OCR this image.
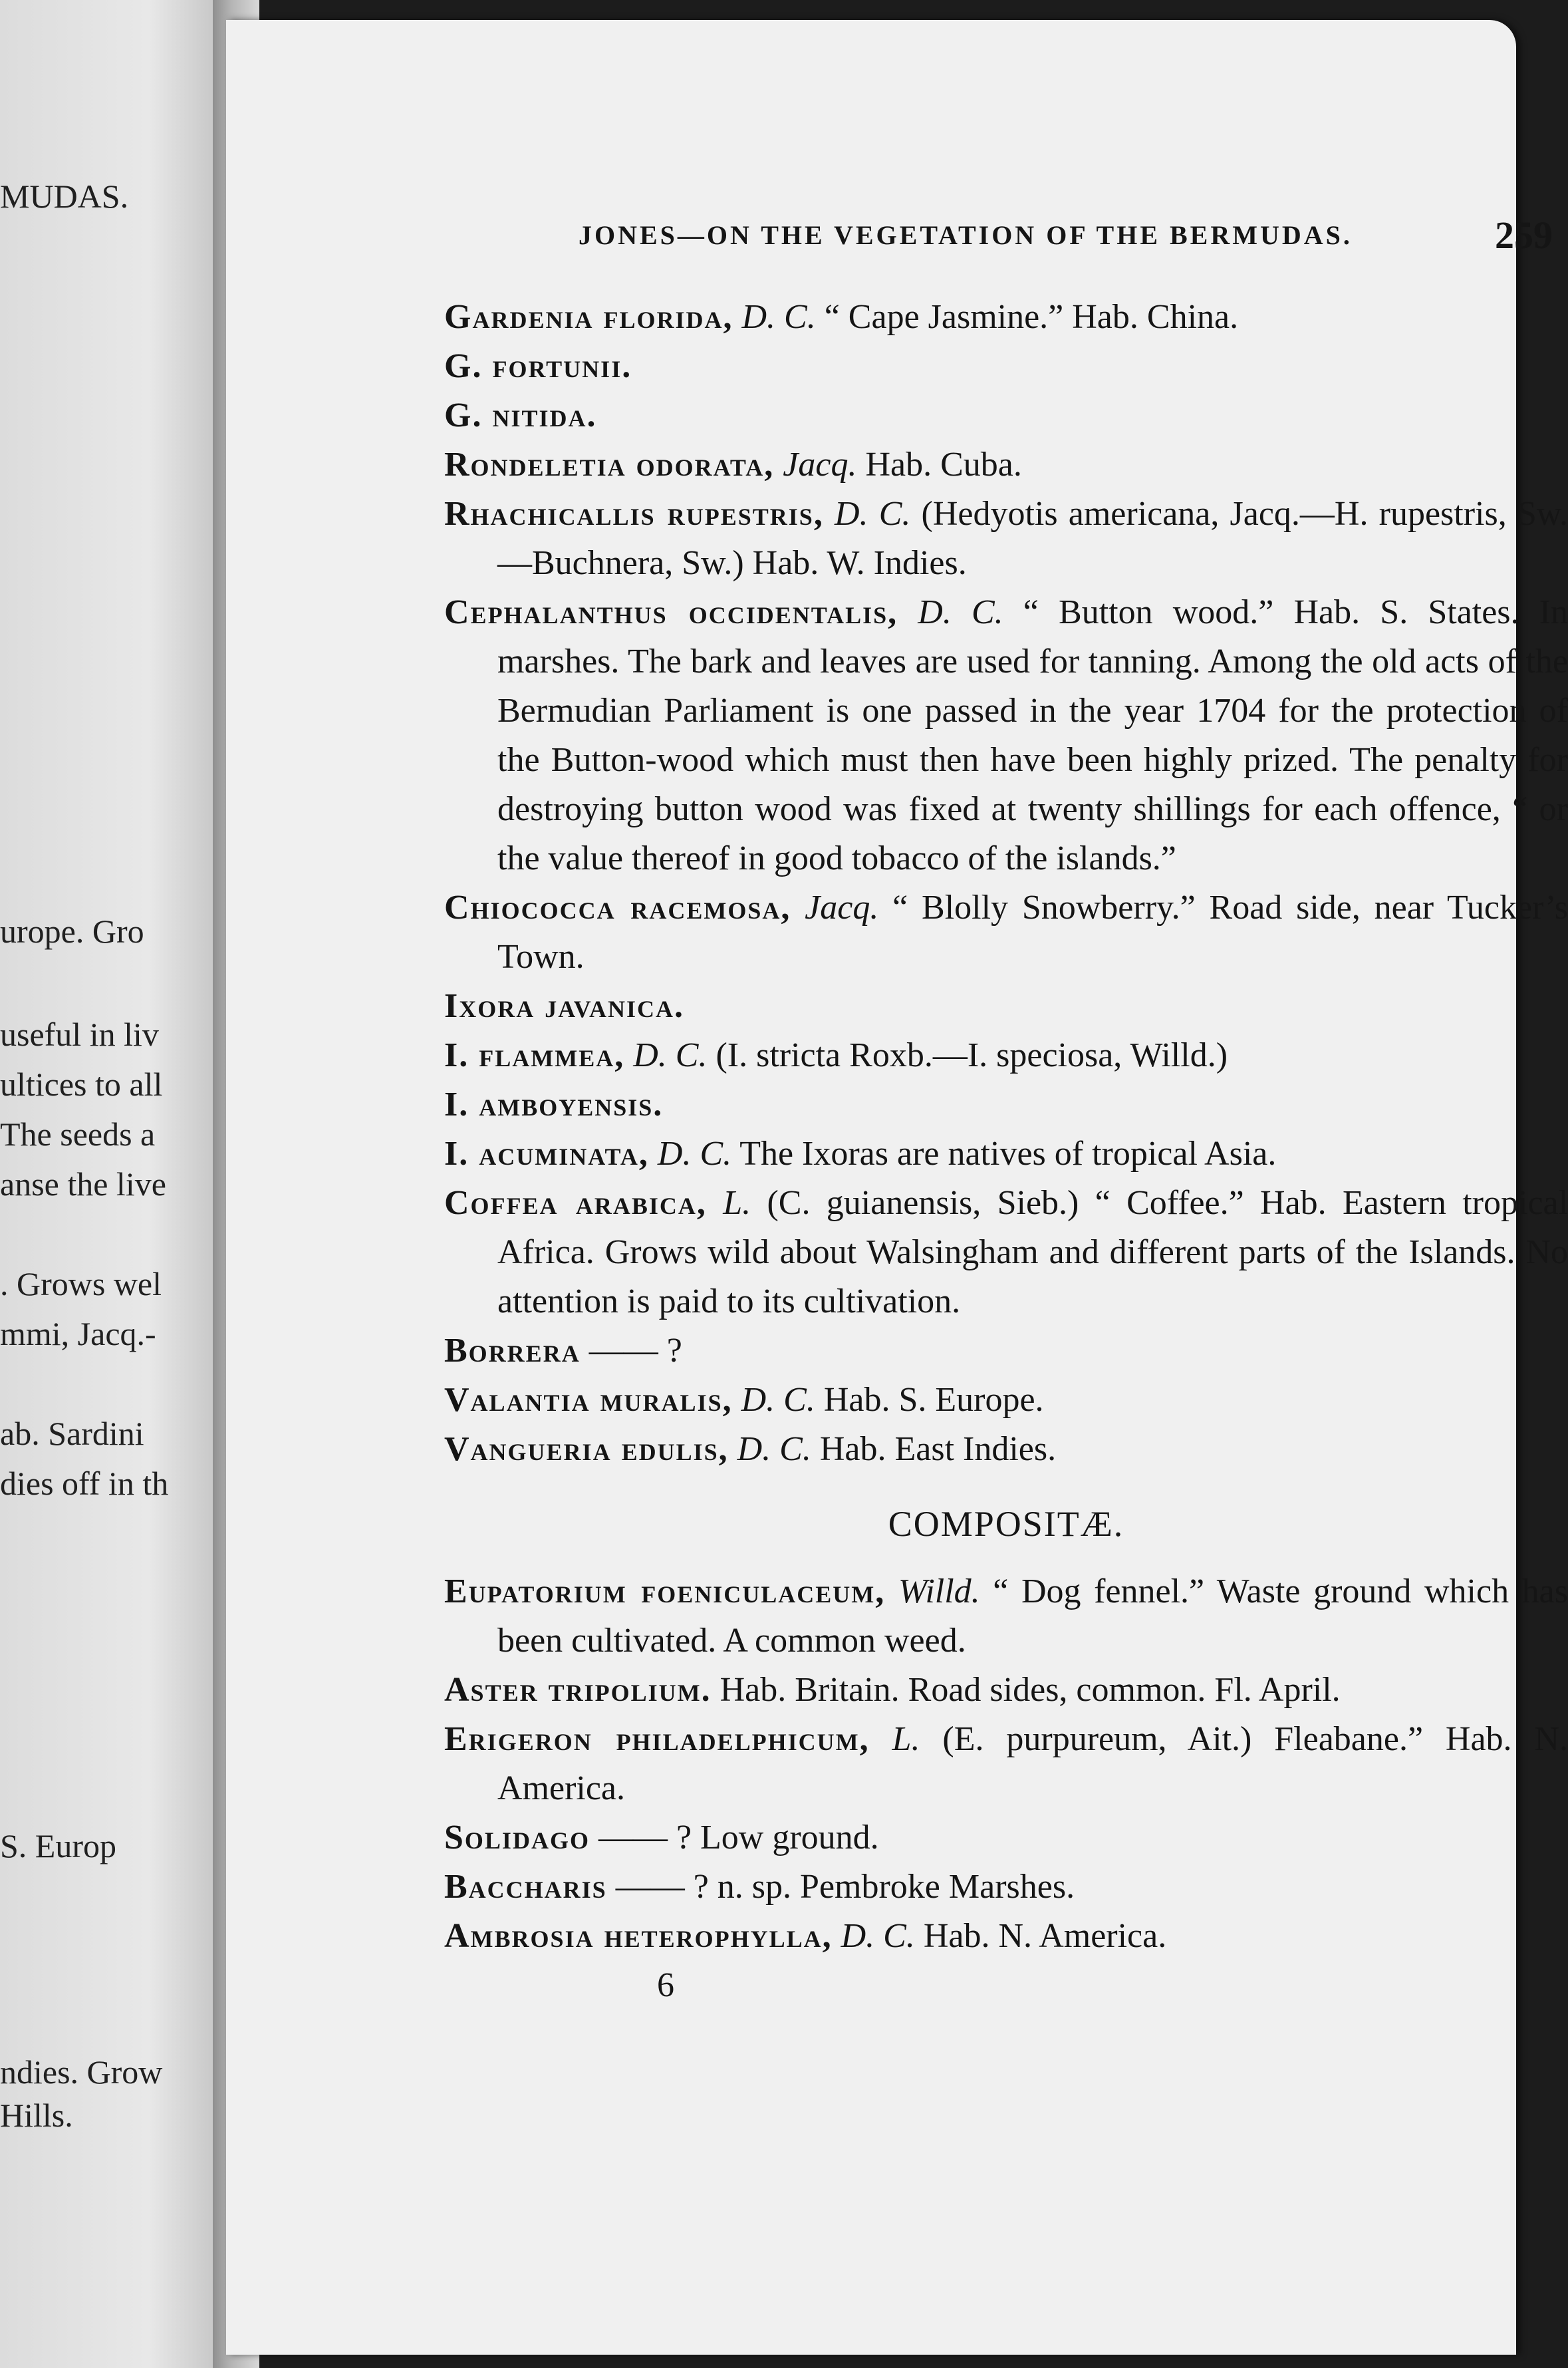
MUDAS.
urope. Gro
useful in liv
ultices to all
The seeds a
anse the live
. Grows wel
mmi, Jacq.-
ab. Sardini
dies off in th
S. Europ
ndies. Grow
Hills.
JONES—ON THE VEGETATION OF THE BERMUDAS.	259
Gardenia florida, D. C. “ Cape Jasmine.” Hab. China.
G. fortunii.
G. nitida.
Rondeletia odorata, Jacq. Hab. Cuba.
Rhachicallis rupestris, D. C. (Hedyotis americana, Jacq.—H. rupestris, Sw.—Buchnera, Sw.) Hab. W. Indies.
Cephalanthus occidentalis, D. C. “ Button wood.” Hab. S. States. In marshes. The bark and leaves are used for tanning. Among the old acts of the Bermudian Parliament is one passed in the year 1704 for the protection of the Button-wood which must then have been highly prized. The penalty for destroying button wood was fixed at twenty shillings for each offence, “ or the value thereof in good tobacco of the islands.”
Chiococca racemosa, Jacq. “ Blolly Snowberry.” Road side, near Tucker’s Town.
Ixora javanica.
I. flammea, D. C. (I. stricta Roxb.—I. speciosa, Willd.)
I. amboyensis.
I. acuminata, D. C. The Ixoras are natives of tropical Asia.
Coffea arabica, L. (C. guianensis, Sieb.) “ Coffee.” Hab. Eastern tropical Africa. Grows wild about Walsingham and different parts of the Islands. No attention is paid to its cultivation.
Borrera —— ?
Valantia muralis, D. C. Hab. S. Europe.
Vangueria edulis, D. C. Hab. East Indies.
COMPOSITÆ.
Eupatorium foeniculaceum, Willd. “ Dog fennel.” Waste ground which has been cultivated. A common weed.
Aster tripolium. Hab. Britain. Road sides, common. Fl. April.
Erigeron philadelphicum, L. (E. purpureum, Ait.) Fleabane.” Hab. N. America.
Solidago —— ? Low ground.
Baccharis —— ? n. sp. Pembroke Marshes.
Ambrosia heterophylla, D. C. Hab. N. America.
6
